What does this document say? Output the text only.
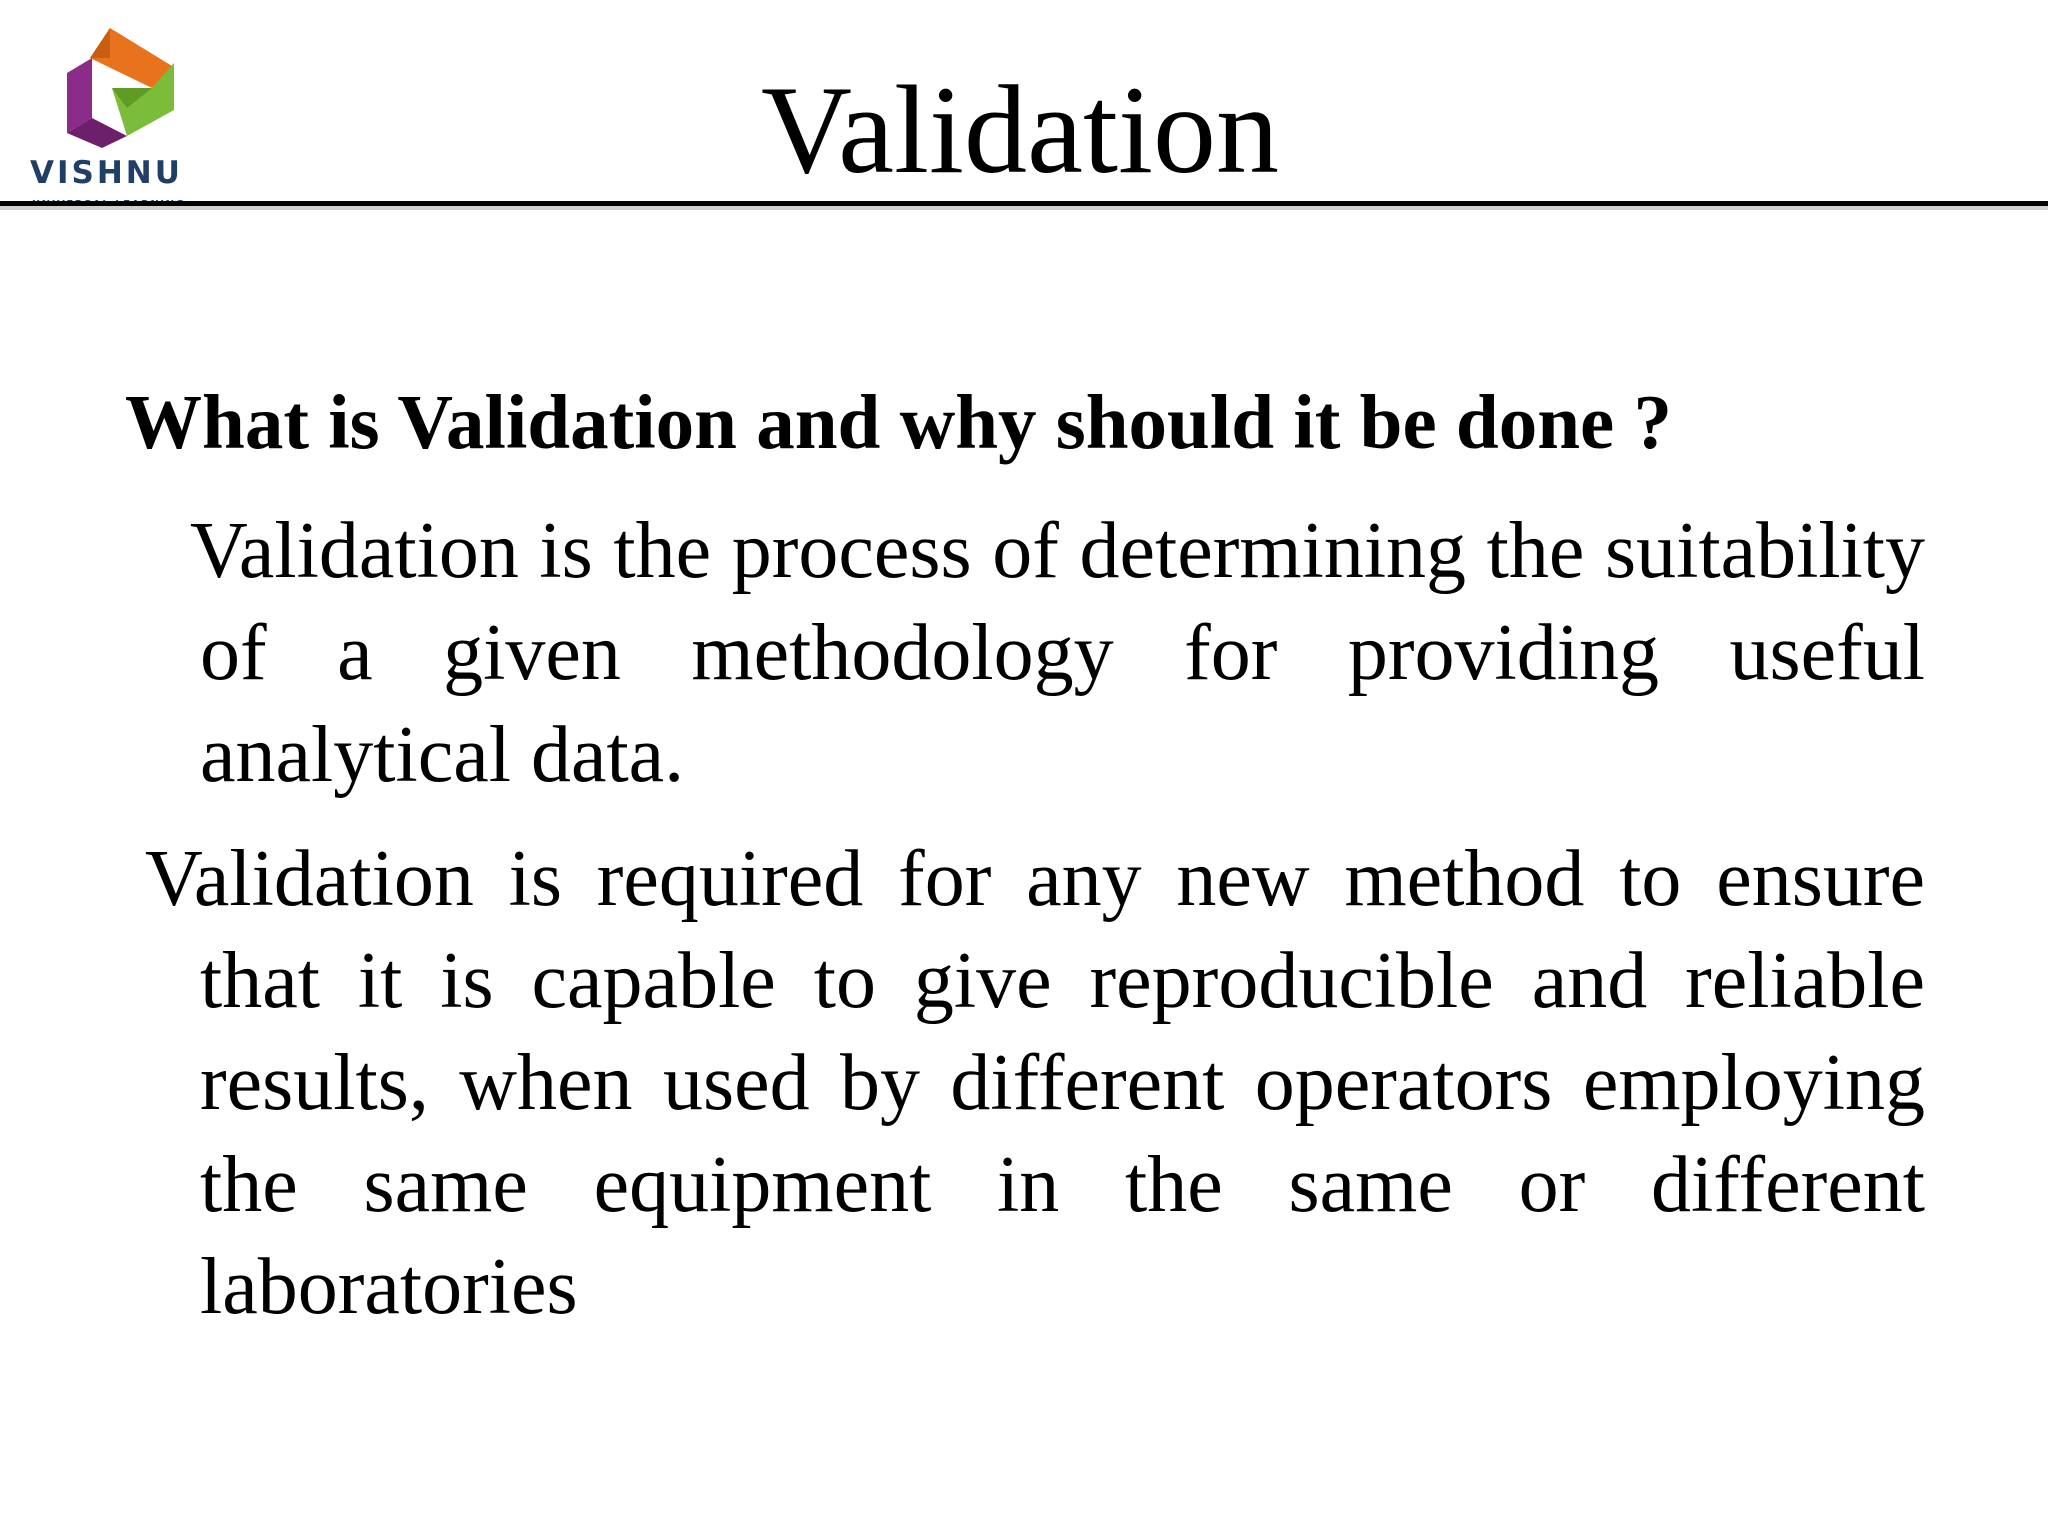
VISHNU	Validation

What is Validation and why should it be done ?

Validation is the process of determining the suitability of a given methodology for providing useful analytical data.

Validation is required for any new method to ensure that it is capable to give reproducible and reliable results, when used by different operators employing the same equipment in the same or different laboratories
